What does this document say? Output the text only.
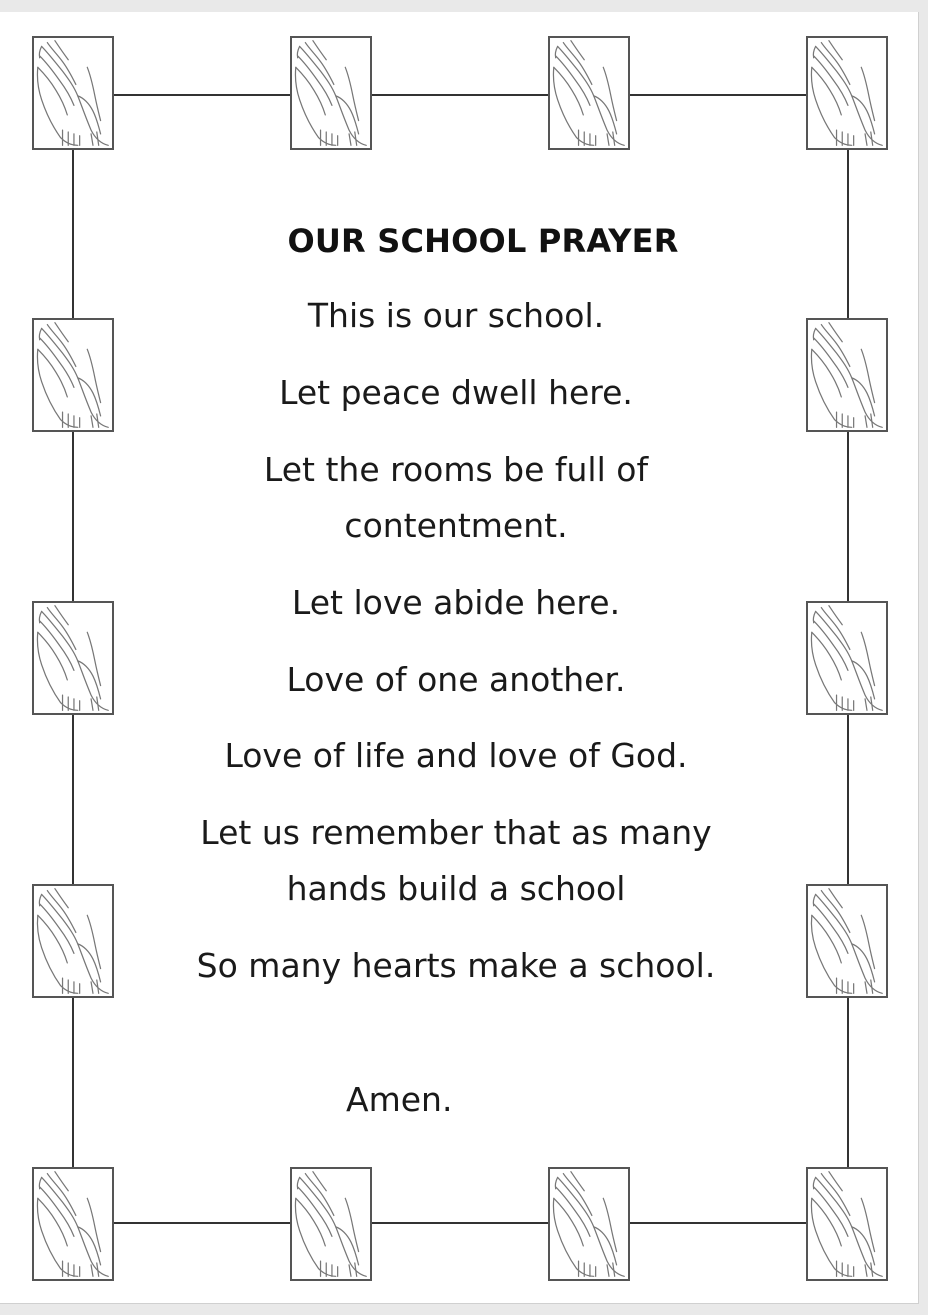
OUR SCHOOL PRAYER
This is our school.
Let peace dwell here.
Let the rooms be full of
contentment.
Let love abide here.
Love of one another.
Love of life and love of God.
Let us remember that as many
hands build a school
So many hearts make a school.
Amen.
